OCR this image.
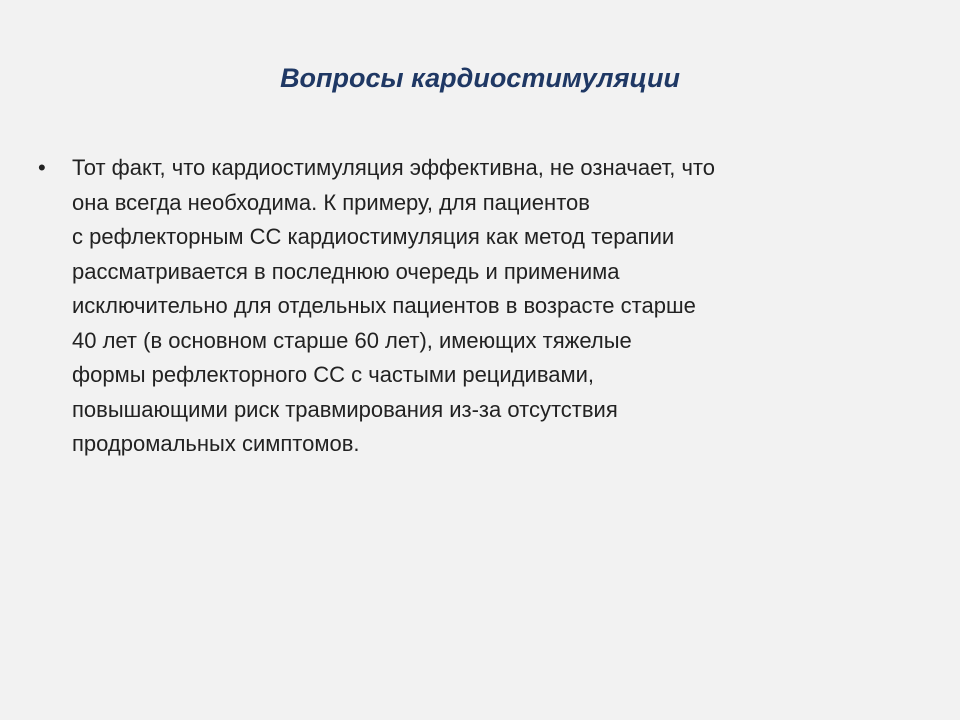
Вопросы кардиостимуляции
•	Тот факт, что кардиостимуляция эффективна, не означает, что
она всегда необходима. К примеру, для пациентов
с рефлекторным СС кардиостимуляция как метод терапии
рассматривается в последнюю очередь и применима
исключительно для отдельных пациентов в возрасте старше
40 лет (в основном старше 60 лет), имеющих тяжелые
формы рефлекторного СС с частыми рецидивами,
повышающими риск травмирования из-за отсутствия
продромальных симптомов.
